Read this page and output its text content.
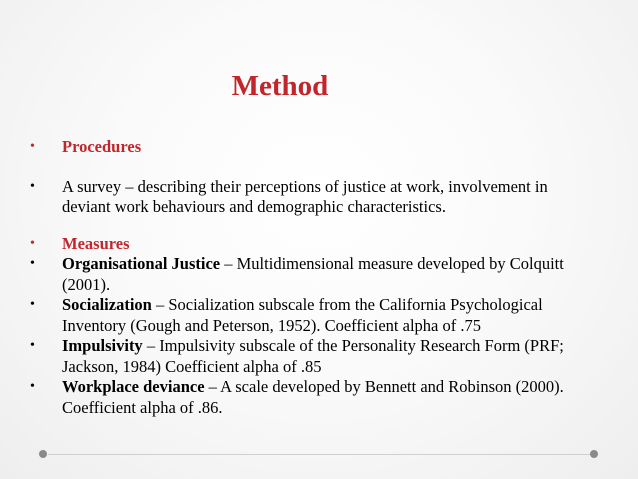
Method
•	Procedures
•	A survey – describing their perceptions of justice at work, involvement in deviant work behaviours and demographic characteristics.
•	Measures
•	Organisational Justice – Multidimensional measure developed by Colquitt (2001).
•	Socialization – Socialization subscale from the California Psychological Inventory (Gough and Peterson, 1952). Coefficient alpha of .75
•	Impulsivity – Impulsivity subscale of the Personality Research Form (PRF; Jackson, 1984) Coefficient alpha of .85
•	Workplace deviance – A scale developed by Bennett and Robinson (2000). Coefficient alpha of .86.
